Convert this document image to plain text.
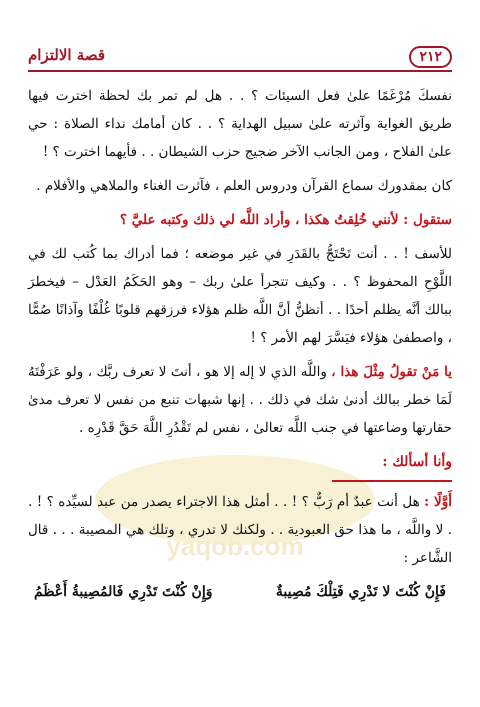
yaqob.com
٢١٢
قصة الالتزام

نفسكَ مُرْغَمًا علىٰ فعل السيئات ؟ . . هل لم تمر بك لحظة اخترت فيها طريق الغواية وآثرته علىٰ سبيل الهداية ؟ . . كان أمامك نداء الصلاة : حي علىٰ الفلاح ، ومن الجانب الآخر ضجيج حزب الشيطان . . فأيهما اخترت ؟ !

كان بمقدورك سماع القرآن ودروس العلم ، فآثرت الغناء والملاهي والأفلام .

ستقول : لأنني خُلِقتُ هكذا ، وأراد اللَّه لي ذلك وكتبه عليَّ ؟

للأسف ! . . أنت تَحْتَجُّ بالقَدَرِ في غير موضعه ؛ فما أدراك بما كُتب لك في اللَّوْحِ المحفوظ ؟ . . وكيف تتجرأ علىٰ ربك – وهو الحَكَمُ العَدْل – فيخطرَ ببالك أنَّه يظلم أحدًا . . أتظنُّ أنَّ اللَّه ظلم هؤلاء فرزقهم قلوبًا غُلْفًا وآذانًا صُمًّا ، واصطفىٰ هؤلاء فيَسَّرَ لهم الأمر ؟ !

يا مَنْ تقولُ مِثْلَ هذا ، واللَّه الذي لا إله إلا هو ، أنتَ لا تعرف ربَّك ، ولو عَرَفْتَهُ لَمَا خطر ببالك أدنىٰ شك في ذلك . . إنها شبهات تنبع من نفس لا تعرف مدىٰ حقارتها وضاعتها في جنب اللَّه تعالىٰ ، نفس لم تَقْدُرِ اللَّهَ حَقَّ قَدْرِه .

وأنا أسألك :

أَوَّلًا : هل أنت عبدٌ أم رَبٌّ ؟ ! . . أمثل هذا الاجتراء يصدر من عبد لسيِّده ؟ ! . . لا واللَّه ، ما هذا حق العبودية . . ولكنك لا تدري ، وتلك هي المصيبة . . . قال الشَّاعر :

فَإِنْ كُنْتَ لا تَدْرِي فَتِلْكَ مُصِيبةٌ
وَإِنْ كُنْتَ تَدْرِي فَالمُصِيبةُ أَعْظَمُ
